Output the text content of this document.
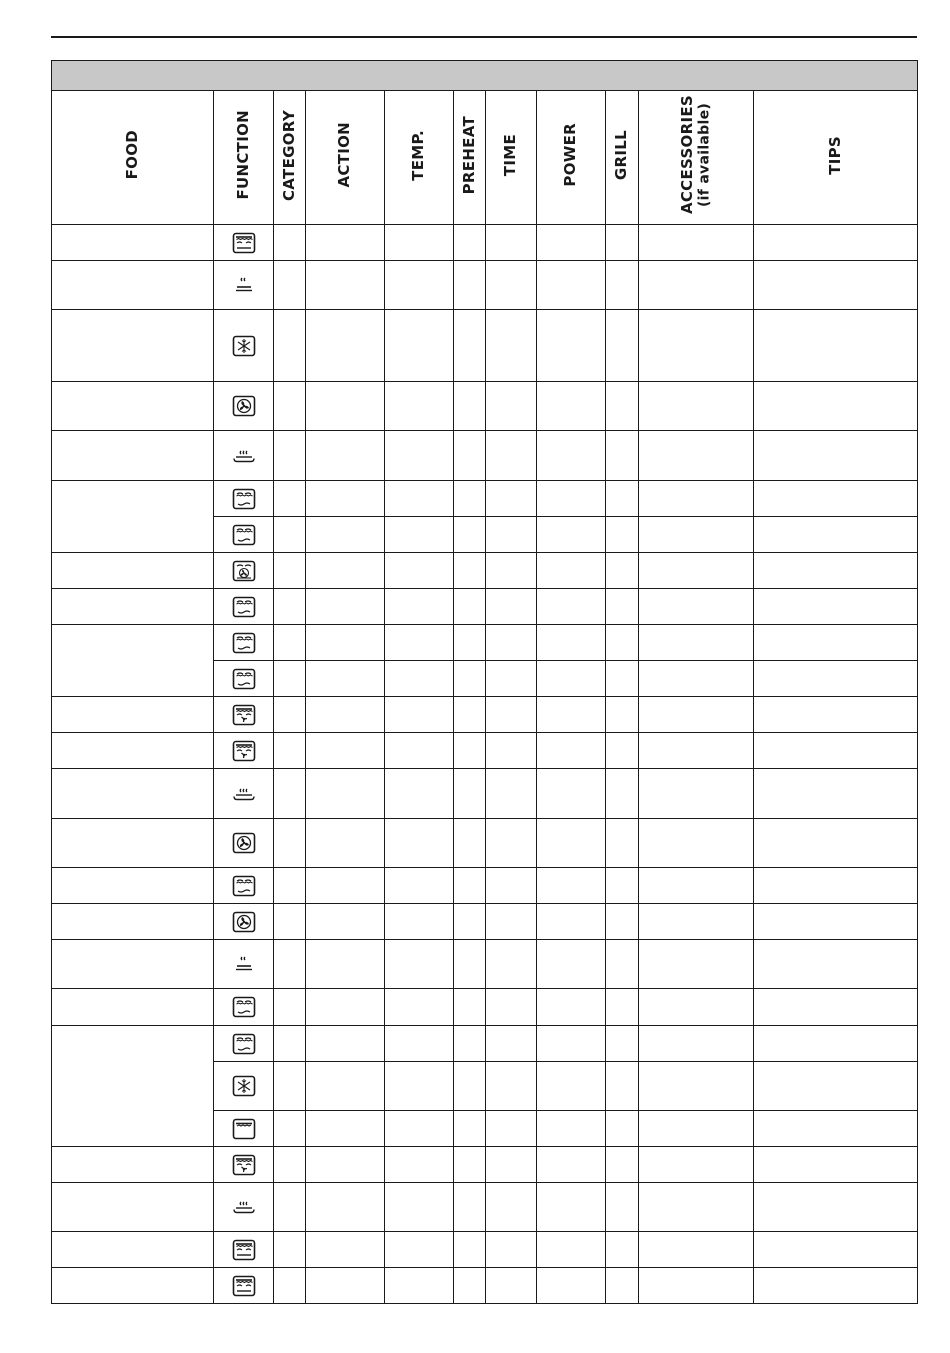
FOOD	FUNCTION	CATEGORY	ACTION	TEMP.	PREHEAT	TIME	POWER	GRILL	ACCESSORIES (if available)	TIPS
